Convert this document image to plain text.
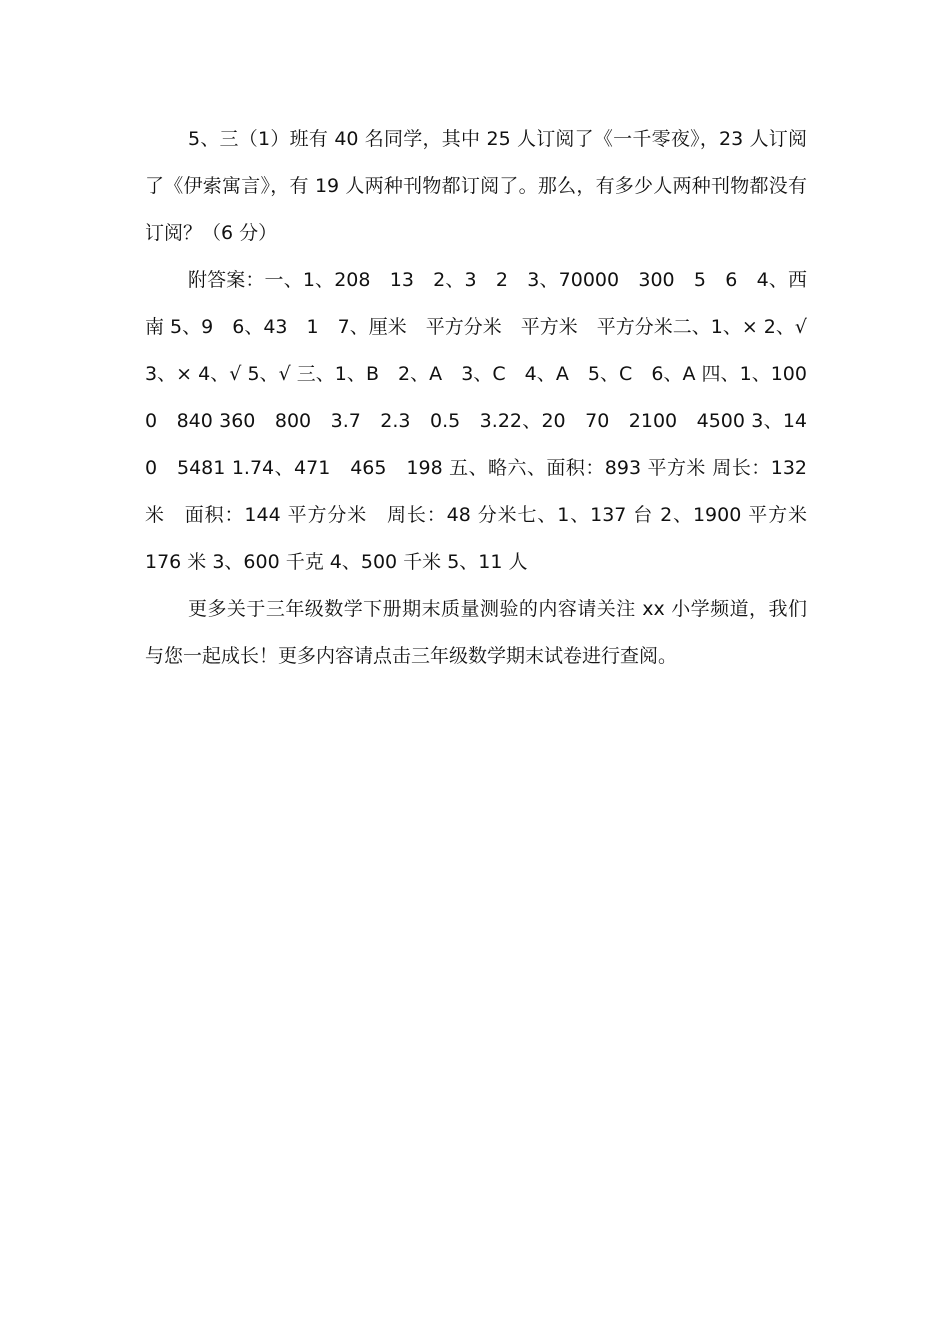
5、三（1）班有 40 名同学，其中 25 人订阅了《一千零夜》，23 人订阅了《伊索寓言》，有 19 人两种刊物都订阅了。那么，有多少人两种刊物都没有订阅？（6 分）

附答案：一、1、208　13　2、3　2　3、70000　300　5　6　4、西　南 5、9　6、43　1　7、厘米　平方分米　平方米　平方分米二、1、× 2、√ 3、× 4、√ 5、√ 三、1、B　2、A　3、C　4、A　5、C　6、A 四、1、1000　840 360　800　3.7　2.3　0.5　3.22、20　70　2100　4500 3、140　5481 1.74、471　465　198 五、略六、面积：893 平方米 周长：132 米　面积：144 平方分米　周长：48 分米七、1、137 台 2、1900 平方米　176 米 3、600 千克 4、500 千米 5、11 人

更多关于三年级数学下册期末质量测验的内容请关注 xx 小学频道，我们与您一起成长！更多内容请点击三年级数学期末试卷进行查阅。
